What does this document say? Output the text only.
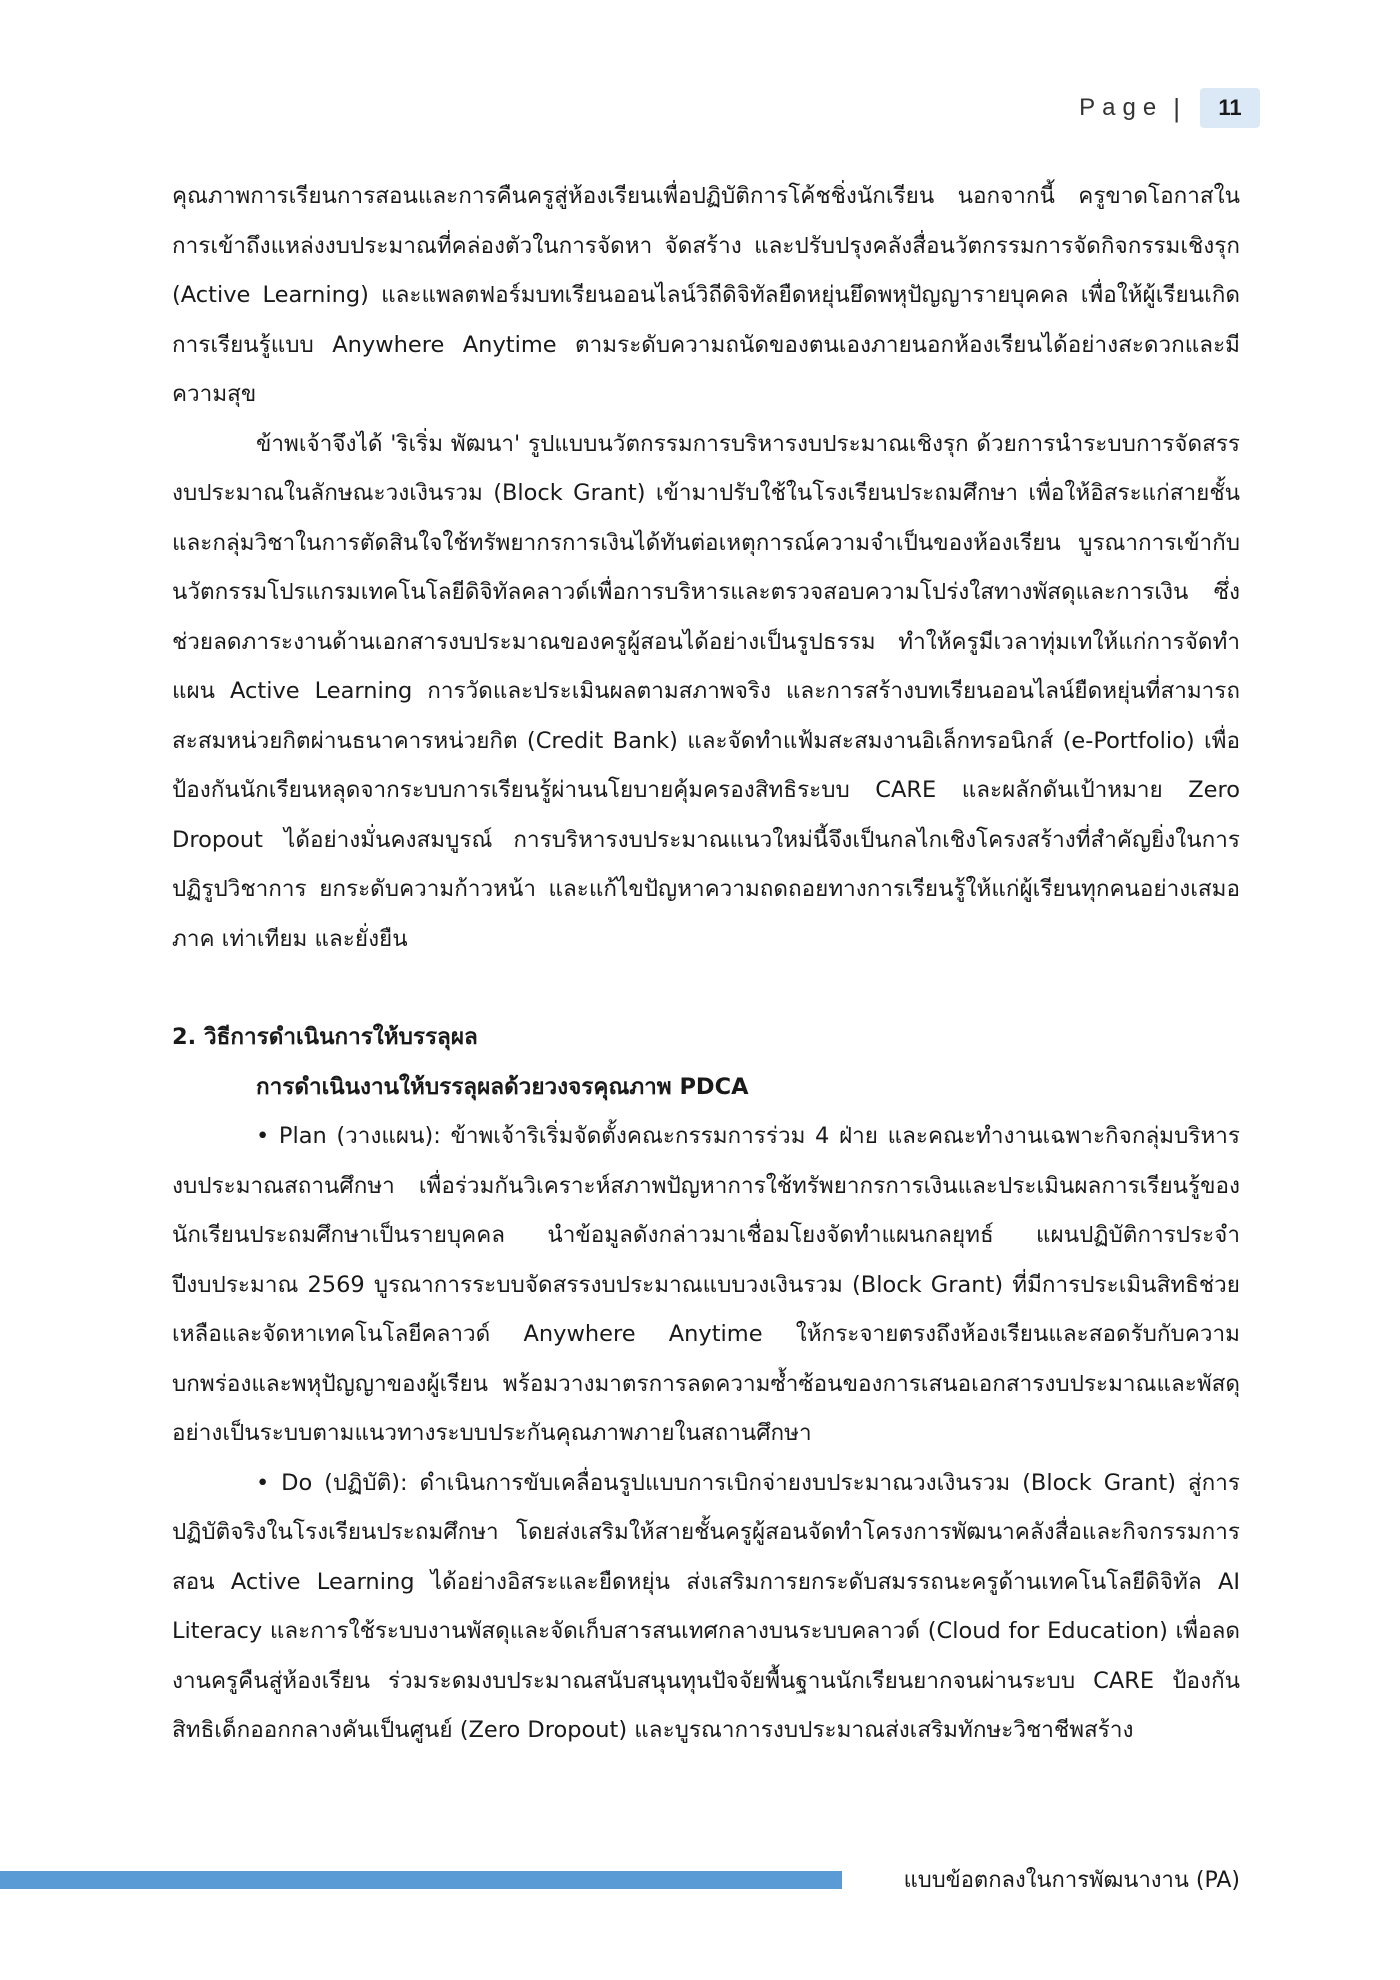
Page |	11

คุณภาพการเรียนการสอนและการคืนครูสู่ห้องเรียนเพื่อปฏิบัติการโค้ชชิ่งนักเรียน นอกจากนี้ ครูขาดโอกาสในการเข้าถึงแหล่งงบประมาณที่คล่องตัวในการจัดหา จัดสร้าง และปรับปรุงคลังสื่อนวัตกรรมการจัดกิจกรรมเชิงรุก (Active Learning) และแพลตฟอร์มบทเรียนออนไลน์วิถีดิจิทัลยืดหยุ่นยึดพหุปัญญารายบุคคล เพื่อให้ผู้เรียนเกิดการเรียนรู้แบบ Anywhere Anytime ตามระดับความถนัดของตนเองภายนอกห้องเรียนได้อย่างสะดวกและมีความสุข

ข้าพเจ้าจึงได้ 'ริเริ่ม พัฒนา' รูปแบบนวัตกรรมการบริหารงบประมาณเชิงรุก ด้วยการนำระบบการจัดสรรงบประมาณในลักษณะวงเงินรวม (Block Grant) เข้ามาปรับใช้ในโรงเรียนประถมศึกษา เพื่อให้อิสระแก่สายชั้นและกลุ่มวิชาในการตัดสินใจใช้ทรัพยากรการเงินได้ทันต่อเหตุการณ์ความจำเป็นของห้องเรียน บูรณาการเข้ากับนวัตกรรมโปรแกรมเทคโนโลยีดิจิทัลคลาวด์เพื่อการบริหารและตรวจสอบความโปร่งใสทางพัสดุและการเงิน ซึ่งช่วยลดภาระงานด้านเอกสารงบประมาณของครูผู้สอนได้อย่างเป็นรูปธรรม ทำให้ครูมีเวลาทุ่มเทให้แก่การจัดทำแผน Active Learning การวัดและประเมินผลตามสภาพจริง และการสร้างบทเรียนออนไลน์ยืดหยุ่นที่สามารถสะสมหน่วยกิตผ่านธนาคารหน่วยกิต (Credit Bank) และจัดทำแฟ้มสะสมงานอิเล็กทรอนิกส์ (e-Portfolio) เพื่อป้องกันนักเรียนหลุดจากระบบการเรียนรู้ผ่านนโยบายคุ้มครองสิทธิระบบ CARE และผลักดันเป้าหมาย Zero Dropout ได้อย่างมั่นคงสมบูรณ์ การบริหารงบประมาณแนวใหม่นี้จึงเป็นกลไกเชิงโครงสร้างที่สำคัญยิ่งในการปฏิรูปวิชาการ ยกระดับความก้าวหน้า และแก้ไขปัญหาความถดถอยทางการเรียนรู้ให้แก่ผู้เรียนทุกคนอย่างเสมอภาค เท่าเทียม และยั่งยืน

2. วิธีการดำเนินการให้บรรลุผล

การดำเนินงานให้บรรลุผลด้วยวงจรคุณภาพ PDCA

• Plan (วางแผน): ข้าพเจ้าริเริ่มจัดตั้งคณะกรรมการร่วม 4 ฝ่าย และคณะทำงานเฉพาะกิจกลุ่มบริหารงบประมาณสถานศึกษา เพื่อร่วมกันวิเคราะห์สภาพปัญหาการใช้ทรัพยากรการเงินและประเมินผลการเรียนรู้ของนักเรียนประถมศึกษาเป็นรายบุคคล นำข้อมูลดังกล่าวมาเชื่อมโยงจัดทำแผนกลยุทธ์ แผนปฏิบัติการประจำปีงบประมาณ 2569 บูรณาการระบบจัดสรรงบประมาณแบบวงเงินรวม (Block Grant) ที่มีการประเมินสิทธิช่วยเหลือและจัดหาเทคโนโลยีคลาวด์ Anywhere Anytime ให้กระจายตรงถึงห้องเรียนและสอดรับกับความบกพร่องและพหุปัญญาของผู้เรียน พร้อมวางมาตรการลดความซ้ำซ้อนของการเสนอเอกสารงบประมาณและพัสดุอย่างเป็นระบบตามแนวทางระบบประกันคุณภาพภายในสถานศึกษา

• Do (ปฏิบัติ): ดำเนินการขับเคลื่อนรูปแบบการเบิกจ่ายงบประมาณวงเงินรวม (Block Grant) สู่การปฏิบัติจริงในโรงเรียนประถมศึกษา โดยส่งเสริมให้สายชั้นครูผู้สอนจัดทำโครงการพัฒนาคลังสื่อและกิจกรรมการสอน Active Learning ได้อย่างอิสระและยืดหยุ่น ส่งเสริมการยกระดับสมรรถนะครูด้านเทคโนโลยีดิจิทัล AI Literacy และการใช้ระบบงานพัสดุและจัดเก็บสารสนเทศกลางบนระบบคลาวด์ (Cloud for Education) เพื่อลดงานครูคืนสู่ห้องเรียน ร่วมระดมงบประมาณสนับสนุนทุนปัจจัยพื้นฐานนักเรียนยากจนผ่านระบบ CARE ป้องกันสิทธิเด็กออกกลางคันเป็นศูนย์ (Zero Dropout) และบูรณาการงบประมาณส่งเสริมทักษะวิชาชีพสร้าง

แบบข้อตกลงในการพัฒนางาน (PA)
